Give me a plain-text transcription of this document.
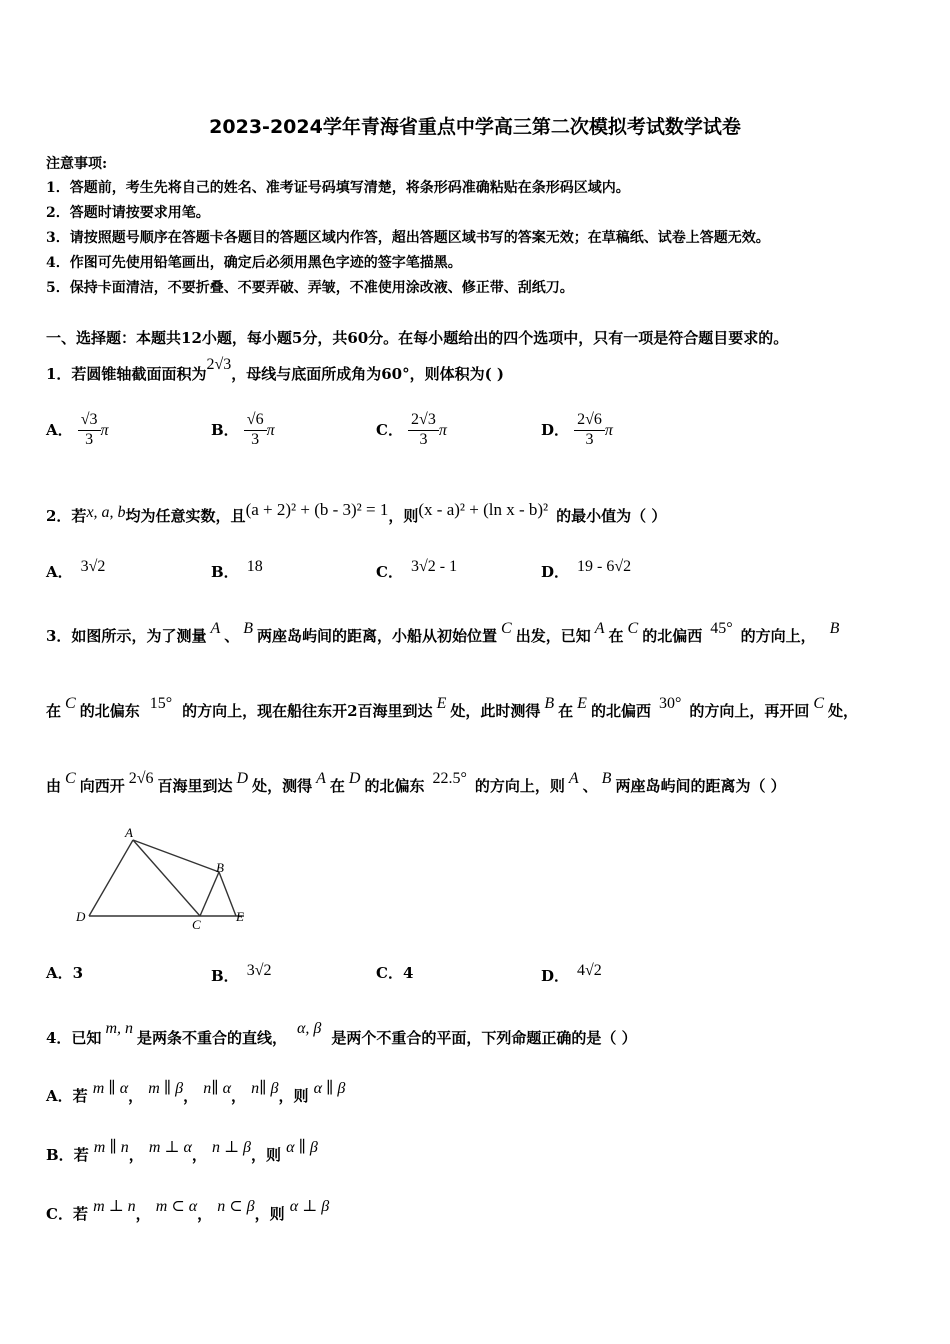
2023-2024学年青海省重点中学高三第二次模拟考试数学试卷
注意事项:
1．答题前，考生先将自己的姓名、准考证号码填写清楚，将条形码准确粘贴在条形码区域内。
2．答题时请按要求用笔。
3．请按照题号顺序在答题卡各题目的答题区域内作答，超出答题区域书写的答案无效；在草稿纸、试卷上答题无效。
4．作图可先使用铅笔画出，确定后必须用黑色字迹的签字笔描黑。
5．保持卡面清洁，不要折叠、不要弄破、弄皱，不准使用涂改液、修正带、刮纸刀。
一、选择题：本题共12小题，每小题5分，共60分。在每小题给出的四个选项中，只有一项是符合题目要求的。
1．若圆锥轴截面面积为$^{2√3}$，母线与底面所成角为60°，则体积为( )
A． $\frac{√3}{3}$ π	B． $\frac{√6}{3}$ π	C． $\frac{2√3}{3}$ π	D． $\frac{2√6}{3}$ π
2．若x, a, b均为任意实数，且(a + 2)² + (b - 3)² = 1，则(x - a)² + (ln x - b)² 的最小值为（ ）
A． 3√2	B． 18	C． 3√2 - 1	D． 19 - 6√2
3．如图所示，为了测量 A 、 B 两座岛屿间的距离，小船从初始位置 C 出发，已知 A 在 C 的北偏西 45° 的方向上， B
在 C 的北偏东 15° 的方向上，现在船往东开2百海里到达 E 处，此时测得 B 在 E 的北偏西 30° 的方向上，再开回 C 处，
由 C 向西开 2√6 百海里到达 D 处，测得 A 在 D 的北偏东 22.5° 的方向上，则 A 、 B 两座岛屿间的距离为（ ）
A
B
C
D	E
A．3	B． 3√2	C．4	D． 4√2
4．已知m, n是两条不重合的直线，α, β是两个不重合的平面，下列命题正确的是（ ）
A．若 m ∥ α， m ∥ β， n∥ α， n∥ β，则 α ∥ β
B．若 m ∥ n， m ⊥ α， n ⊥ β，则 α ∥ β
C．若 m ⊥ n， m ⊂ α， n ⊂ β，则 α ⊥ β
